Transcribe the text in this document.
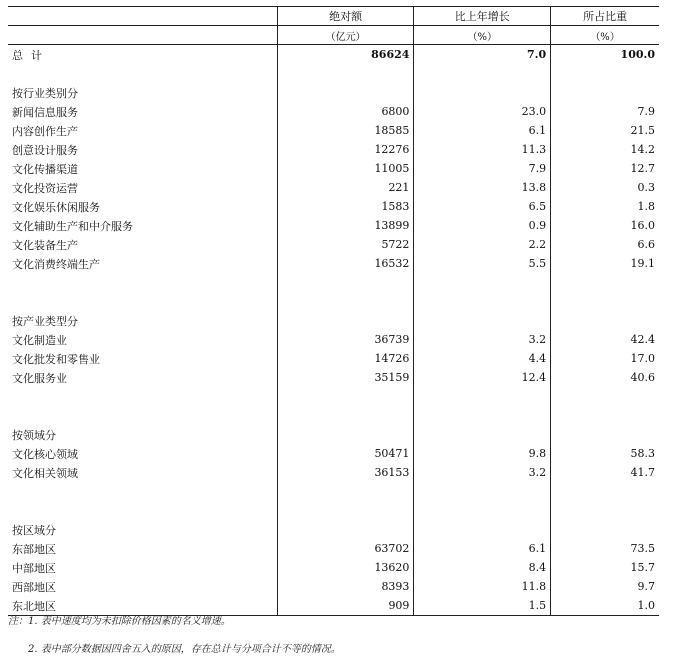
	绝对额	比上年增长	所占比重
	（亿元）	（%）	（%）
总计	86624	7.0	100.0

按行业类别分			
新闻信息服务	6800	23.0	7.9
内容创作生产	18585	6.1	21.5
创意设计服务	12276	11.3	14.2
文化传播渠道	11005	7.9	12.7
文化投资运营	221	13.8	0.3
文化娱乐休闲服务	1583	6.5	1.8
文化辅助生产和中介服务	13899	0.9	16.0
文化装备生产	5722	2.2	6.6
文化消费终端生产	16532	5.5	19.1

按产业类型分			
文化制造业	36739	3.2	42.4
文化批发和零售业	14726	4.4	17.0
文化服务业	35159	12.4	40.6

按领域分			
文化核心领域	50471	9.8	58.3
文化相关领域	36153	3.2	41.7

按区域分			
东部地区	63702	6.1	73.5
中部地区	13620	8.4	15.7
西部地区	8393	11.8	9.7
东北地区	909	1.5	1.0
注：1. 表中速度均为未扣除价格因素的名义增速。
2. 表中部分数据因四舍五入的原因，存在总计与分项合计不等的情况。
